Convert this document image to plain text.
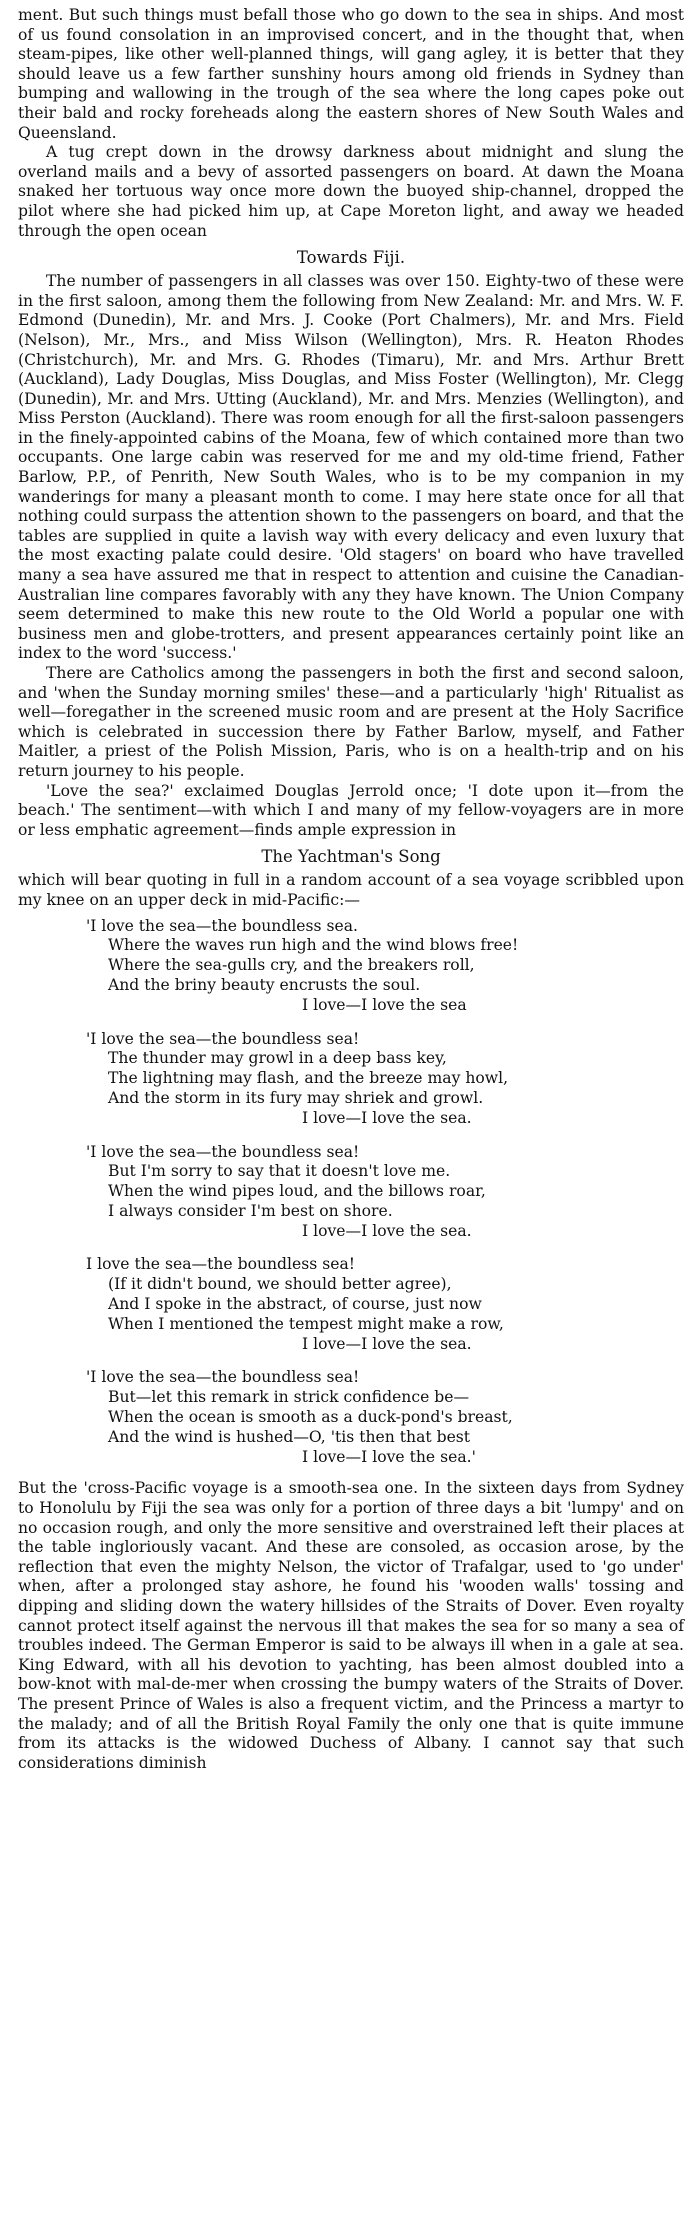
ment. But such things must befall those who go down to the sea in ships. And most of us found consolation in an improvised concert, and in the thought that, when steam-pipes, like other well-planned things, will gang agley, it is better that they should leave us a few farther sunshiny hours among old friends in Sydney than bumping and wallowing in the trough of the sea where the long capes poke out their bald and rocky foreheads along the eastern shores of New South Wales and Queensland.

A tug crept down in the drowsy darkness about midnight and slung the overland mails and a bevy of assorted passengers on board. At dawn the Moana snaked her tortuous way once more down the buoyed ship-channel, dropped the pilot where she had picked him up, at Cape Moreton light, and away we headed through the open ocean

Towards Fiji.

The number of passengers in all classes was over 150. Eighty-two of these were in the first saloon, among them the following from New Zealand: Mr. and Mrs. W. F. Edmond (Dunedin), Mr. and Mrs. J. Cooke (Port Chalmers), Mr. and Mrs. Field (Nelson), Mr., Mrs., and Miss Wilson (Wellington), Mrs. R. Heaton Rhodes (Christchurch), Mr. and Mrs. G. Rhodes (Timaru), Mr. and Mrs. Arthur Brett (Auckland), Lady Douglas, Miss Douglas, and Miss Foster (Wellington), Mr. Clegg (Dunedin), Mr. and Mrs. Utting (Auckland), Mr. and Mrs. Menzies (Wellington), and Miss Perston (Auckland). There was room enough for all the first-saloon passengers in the finely-appointed cabins of the Moana, few of which contained more than two occupants. One large cabin was reserved for me and my old-time friend, Father Barlow, P.P., of Penrith, New South Wales, who is to be my companion in my wanderings for many a pleasant month to come. I may here state once for all that nothing could surpass the attention shown to the passengers on board, and that the tables are supplied in quite a lavish way with every delicacy and even luxury that the most exacting palate could desire. 'Old stagers' on board who have travelled many a sea have assured me that in respect to attention and cuisine the Canadian-Australian line compares favorably with any they have known. The Union Company seem determined to make this new route to the Old World a popular one with business men and globe-trotters, and present appearances certainly point like an index to the word 'success.'

There are Catholics among the passengers in both the first and second saloon, and 'when the Sunday morning smiles' these—and a particularly 'high' Ritualist as well—foregather in the screened music room and are present at the Holy Sacrifice which is celebrated in succession there by Father Barlow, myself, and Father Maitler, a priest of the Polish Mission, Paris, who is on a health-trip and on his return journey to his people.

'Love the sea?' exclaimed Douglas Jerrold once; 'I dote upon it—from the beach.' The sentiment—with which I and many of my fellow-voyagers are in more or less emphatic agreement—finds ample expression in

The Yachtman's Song

which will bear quoting in full in a random account of a sea voyage scribbled upon my knee on an upper deck in mid-Pacific:—

'I love the sea—the boundless sea.
Where the waves run high and the wind blows free!
Where the sea-gulls cry, and the breakers roll,
And the briny beauty encrusts the soul.
I love—I love the sea
'I love the sea—the boundless sea!
The thunder may growl in a deep bass key,
The lightning may flash, and the breeze may howl,
And the storm in its fury may shriek and growl.
I love—I love the sea.
'I love the sea—the boundless sea!
But I'm sorry to say that it doesn't love me.
When the wind pipes loud, and the billows roar,
I always consider I'm best on shore.
I love—I love the sea.
I love the sea—the boundless sea!
(If it didn't bound, we should better agree),
And I spoke in the abstract, of course, just now
When I mentioned the tempest might make a row,
I love—I love the sea.
'I love the sea—the boundless sea!
But—let this remark in strick confidence be—
When the ocean is smooth as a duck-pond's breast,
And the wind is hushed—O, 'tis then that best
I love—I love the sea.'

But the 'cross-Pacific voyage is a smooth-sea one. In the sixteen days from Sydney to Honolulu by Fiji the sea was only for a portion of three days a bit 'lumpy' and on no occasion rough, and only the more sensitive and overstrained left their places at the table ingloriously vacant. And these are consoled, as occasion arose, by the reflection that even the mighty Nelson, the victor of Trafalgar, used to 'go under' when, after a prolonged stay ashore, he found his 'wooden walls' tossing and dipping and sliding down the watery hillsides of the Straits of Dover. Even royalty cannot protect itself against the nervous ill that makes the sea for so many a sea of troubles indeed. The German Emperor is said to be always ill when in a gale at sea. King Edward, with all his devotion to yachting, has been almost doubled into a bow-knot with mal-de-mer when crossing the bumpy waters of the Straits of Dover. The present Prince of Wales is also a frequent victim, and the Princess a martyr to the malady; and of all the British Royal Family the only one that is quite immune from its attacks is the widowed Duchess of Albany. I cannot say that such considerations diminish
